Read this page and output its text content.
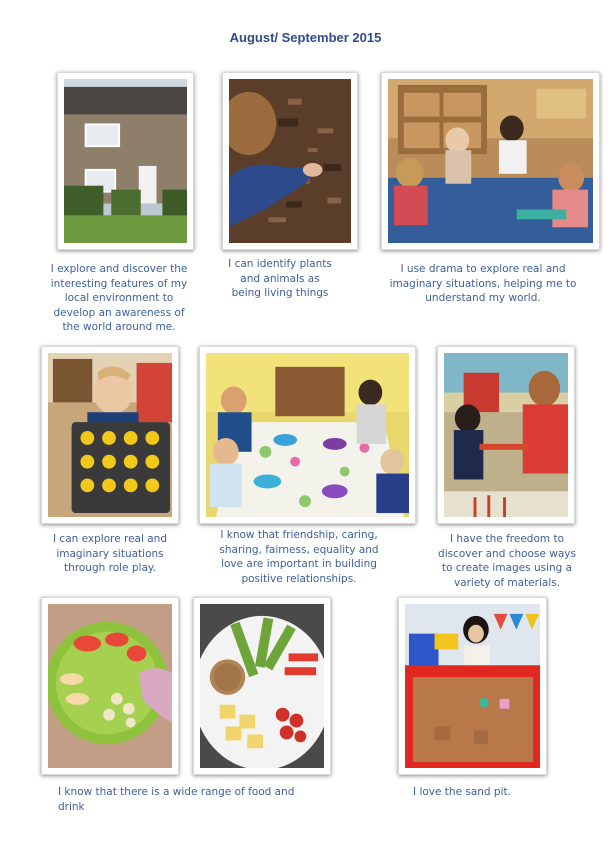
August/ September 2015
I explore and discover the interesting features of my local environment to develop an awareness of the world around me.
I can identify plants and animals as being living things
I use drama to explore real and imaginary situations, helping me to understand my world.
I can explore real and imaginary situations through role play.
I know that friendship, caring, sharing, fairness, equality and love are important in building positive relationships.
I have the freedom to discover and choose ways to create images using a variety of materials.
I know that there is a wide range of food and drink
I love the sand pit.
